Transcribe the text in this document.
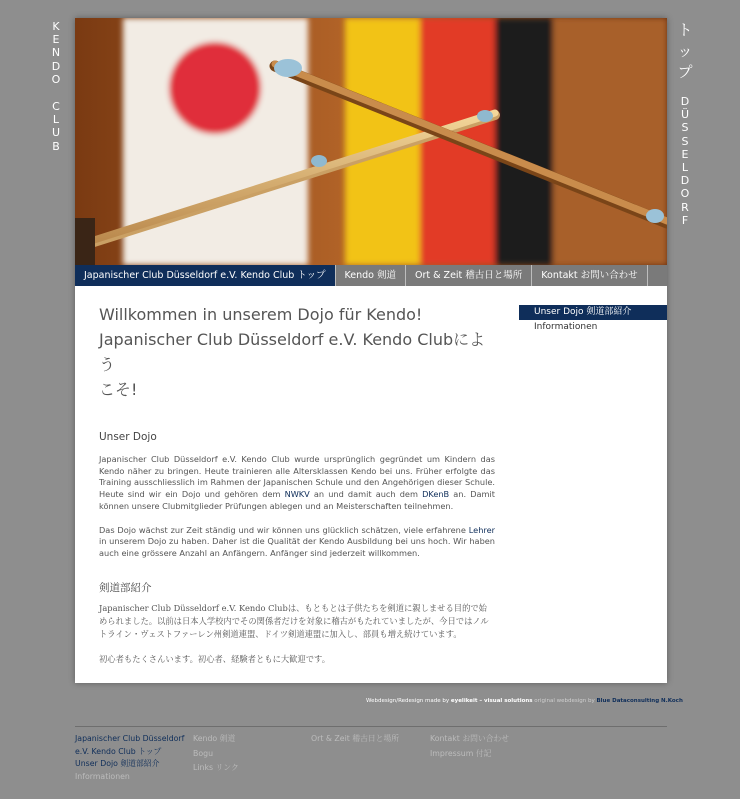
K
E
N
D
O
C
L
U
B
ト
ッ
プ
D
Ü
S
S
E
L
D
O
R
F
Japanischer Club Düsseldorf e.V. Kendo Club トップ	Kendo 剣道	Ort & Zeit 稽古日と場所	Kontakt お問い合わせ
Willkommen in unserem Dojo für Kendo!
Japanischer Club Düsseldorf e.V. Kendo Clubによう
こそ!
Unser Dojo

Japanischer Club Düsseldorf e.V. Kendo Club wurde ursprünglich gegründet um Kindern das Kendo näher zu bringen. Heute trainieren alle Altersklassen Kendo bei uns. Früher erfolgte das Training ausschliesslich im Rahmen der Japanischen Schule und den Angehörigen dieser Schule. Heute sind wir ein Dojo und gehören dem NWKV an und damit auch dem DKenB an. Damit können unsere Clubmitglieder Prüfungen ablegen und an Meisterschaften teilnehmen.

Das Dojo wächst zur Zeit ständig und wir können uns glücklich schätzen, viele erfahrene Lehrer in unserem Dojo zu haben. Daher ist die Qualität der Kendo Ausbildung bei uns hoch. Wir haben auch eine grössere Anzahl an Anfängern. Anfänger sind jederzeit willkommen.

剣道部紹介

Japanischer Club Düsseldorf e.V. Kendo Clubは、もともとは子供たちを剣道に親しませる目的で始められました。以前は日本人学校内でその関係者だけを対象に稽古がもたれていましたが、今日ではノルトライン・ヴェストファーレン州剣道連盟、ドイツ剣道連盟に加入し、部員も増え続けています。

初心者もたくさんいます。初心者、経験者ともに大歓迎です。

Unser Dojo 剣道部紹介
Informationen
Webdesign/Redesign made by eyelikeit – visual solutions original webdesign by Blue Dataconsulting N.Koch
Japanischer Club Düsseldorf
e.V. Kendo Club トップ
Unser Dojo 剣道部紹介
Informationen
Kendo 剣道
Bogu
Links リンク
Ort & Zeit 稽古日と場所	Kontakt お問い合わせ
Impressum 付記
